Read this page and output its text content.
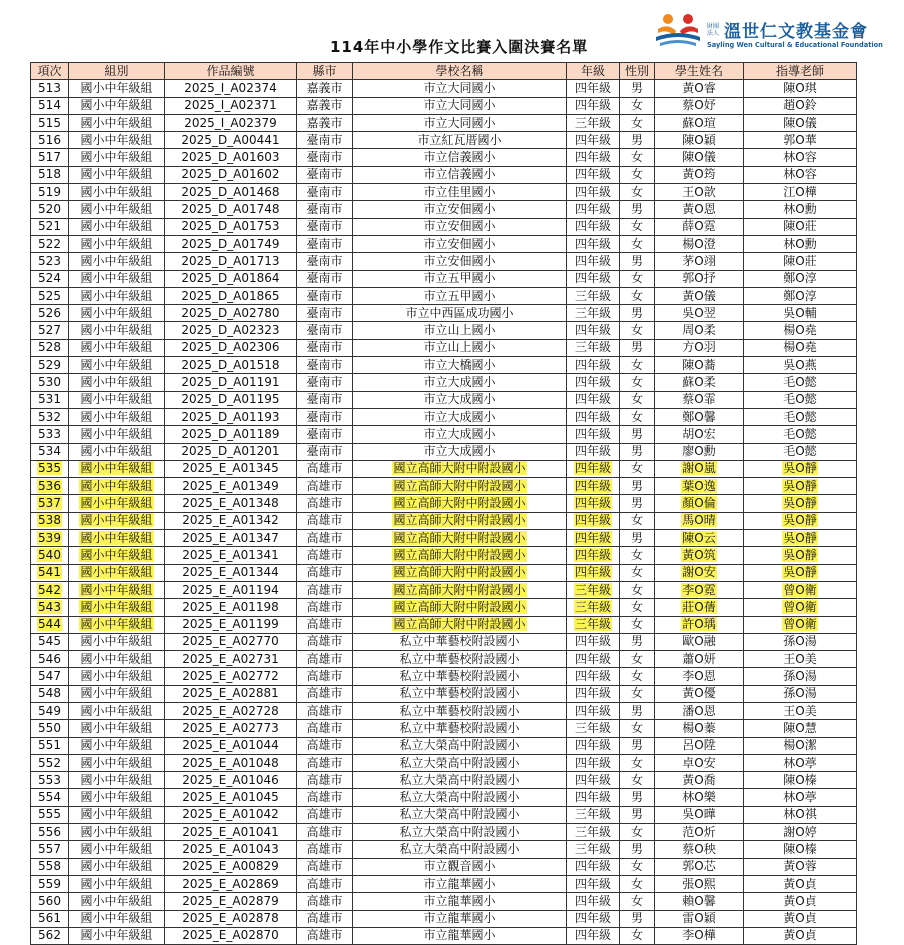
114年中小學作文比賽入圍決賽名單
財團法人 溫世仁文教基金會
Sayling Wen Cultural & Educational Foundation
項次	組別	作品編號	縣市	學校名稱	年級	性別	學生姓名	指導老師
513	國小中年級組	2025_I_A02374	嘉義市	市立大同國小	四年級	男	黃O睿	陳O琪
514	國小中年級組	2025_I_A02371	嘉義市	市立大同國小	四年級	女	蔡O妤	趙O鈴
515	國小中年級組	2025_I_A02379	嘉義市	市立大同國小	三年級	女	蘇O瑄	陳O儀
516	國小中年級組	2025_D_A00441	臺南市	市立紅瓦厝國小	四年級	男	陳O穎	郭O華
517	國小中年級組	2025_D_A01603	臺南市	市立信義國小	四年級	女	陳O儀	林O容
518	國小中年級組	2025_D_A01602	臺南市	市立信義國小	四年級	女	黃O筠	林O容
519	國小中年級組	2025_D_A01468	臺南市	市立佳里國小	四年級	女	王O歆	江O樺
520	國小中年級組	2025_D_A01748	臺南市	市立安佃國小	四年級	男	黃O恩	林O勳
521	國小中年級組	2025_D_A01753	臺南市	市立安佃國小	四年級	女	薛O霓	陳O莊
522	國小中年級組	2025_D_A01749	臺南市	市立安佃國小	四年級	女	楊O澄	林O勳
523	國小中年級組	2025_D_A01713	臺南市	市立安佃國小	四年級	男	茅O翊	陳O莊
524	國小中年級組	2025_D_A01864	臺南市	市立五甲國小	四年級	女	郭O抒	鄭O淳
525	國小中年級組	2025_D_A01865	臺南市	市立五甲國小	三年級	女	黃O儀	鄭O淳
526	國小中年級組	2025_D_A02780	臺南市	市立中西區成功國小	三年級	男	吳O翌	吳O輔
527	國小中年級組	2025_D_A02323	臺南市	市立山上國小	四年級	女	周O柔	楊O堯
528	國小中年級組	2025_D_A02306	臺南市	市立山上國小	三年級	男	方O羽	楊O堯
529	國小中年級組	2025_D_A01518	臺南市	市立大橋國小	四年級	女	陳O蕎	吳O燕
530	國小中年級組	2025_D_A01191	臺南市	市立大成國小	四年級	女	蘇O柔	毛O懿
531	國小中年級組	2025_D_A01195	臺南市	市立大成國小	四年級	女	蔡O霏	毛O懿
532	國小中年級組	2025_D_A01193	臺南市	市立大成國小	四年級	女	鄭O馨	毛O懿
533	國小中年級組	2025_D_A01189	臺南市	市立大成國小	四年級	男	胡O宏	毛O懿
534	國小中年級組	2025_D_A01201	臺南市	市立大成國小	四年級	男	廖O勳	毛O懿
535	國小中年級組	2025_E_A01345	高雄市	國立高師大附中附設國小	四年級	女	謝O嵐	吳O靜
536	國小中年級組	2025_E_A01349	高雄市	國立高師大附中附設國小	四年級	男	葉O逸	吳O靜
537	國小中年級組	2025_E_A01348	高雄市	國立高師大附中附設國小	四年級	男	顏O倫	吳O靜
538	國小中年級組	2025_E_A01342	高雄市	國立高師大附中附設國小	四年級	女	馬O晴	吳O靜
539	國小中年級組	2025_E_A01347	高雄市	國立高師大附中附設國小	四年級	男	陳O云	吳O靜
540	國小中年級組	2025_E_A01341	高雄市	國立高師大附中附設國小	四年級	女	黃O筑	吳O靜
541	國小中年級組	2025_E_A01344	高雄市	國立高師大附中附設國小	四年級	女	謝O安	吳O靜
542	國小中年級組	2025_E_A01194	高雄市	國立高師大附中附設國小	三年級	女	李O霓	曾O衛
543	國小中年級組	2025_E_A01198	高雄市	國立高師大附中附設國小	三年級	女	莊O蒨	曾O衛
544	國小中年級組	2025_E_A01199	高雄市	國立高師大附中附設國小	三年級	女	許O瑀	曾O衛
545	國小中年級組	2025_E_A02770	高雄市	私立中華藝校附設國小	四年級	男	歐O融	孫O湯
546	國小中年級組	2025_E_A02731	高雄市	私立中華藝校附設國小	四年級	女	蕭O妍	王O美
547	國小中年級組	2025_E_A02772	高雄市	私立中華藝校附設國小	四年級	女	李O恩	孫O湯
548	國小中年級組	2025_E_A02881	高雄市	私立中華藝校附設國小	四年級	女	黃O優	孫O湯
549	國小中年級組	2025_E_A02728	高雄市	私立中華藝校附設國小	四年級	男	潘O恩	王O美
550	國小中年級組	2025_E_A02773	高雄市	私立中華藝校附設國小	三年級	女	楊O蓁	陳O慧
551	國小中年級組	2025_E_A01044	高雄市	私立大榮高中附設國小	四年級	男	呂O陞	楊O潔
552	國小中年級組	2025_E_A01048	高雄市	私立大榮高中附設國小	四年級	女	卓O安	林O葶
553	國小中年級組	2025_E_A01046	高雄市	私立大榮高中附設國小	四年級	女	黃O喬	陳O榛
554	國小中年級組	2025_E_A01045	高雄市	私立大榮高中附設國小	四年級	男	林O樂	林O葶
555	國小中年級組	2025_E_A01042	高雄市	私立大榮高中附設國小	三年級	男	吳O曄	林O祺
556	國小中年級組	2025_E_A01041	高雄市	私立大榮高中附設國小	三年級	女	范O炘	謝O婷
557	國小中年級組	2025_E_A01043	高雄市	私立大榮高中附設國小	三年級	男	蔡O秧	陳O榛
558	國小中年級組	2025_E_A00829	高雄市	市立觀音國小	四年級	女	郭O芯	黃O蓉
559	國小中年級組	2025_E_A02869	高雄市	市立龍華國小	四年級	女	張O熙	黃O貞
560	國小中年級組	2025_E_A02879	高雄市	市立龍華國小	四年級	女	賴O馨	黃O貞
561	國小中年級組	2025_E_A02878	高雄市	市立龍華國小	四年級	男	雷O穎	黃O貞
562	國小中年級組	2025_E_A02870	高雄市	市立龍華國小	四年級	女	李O樺	黃O貞
